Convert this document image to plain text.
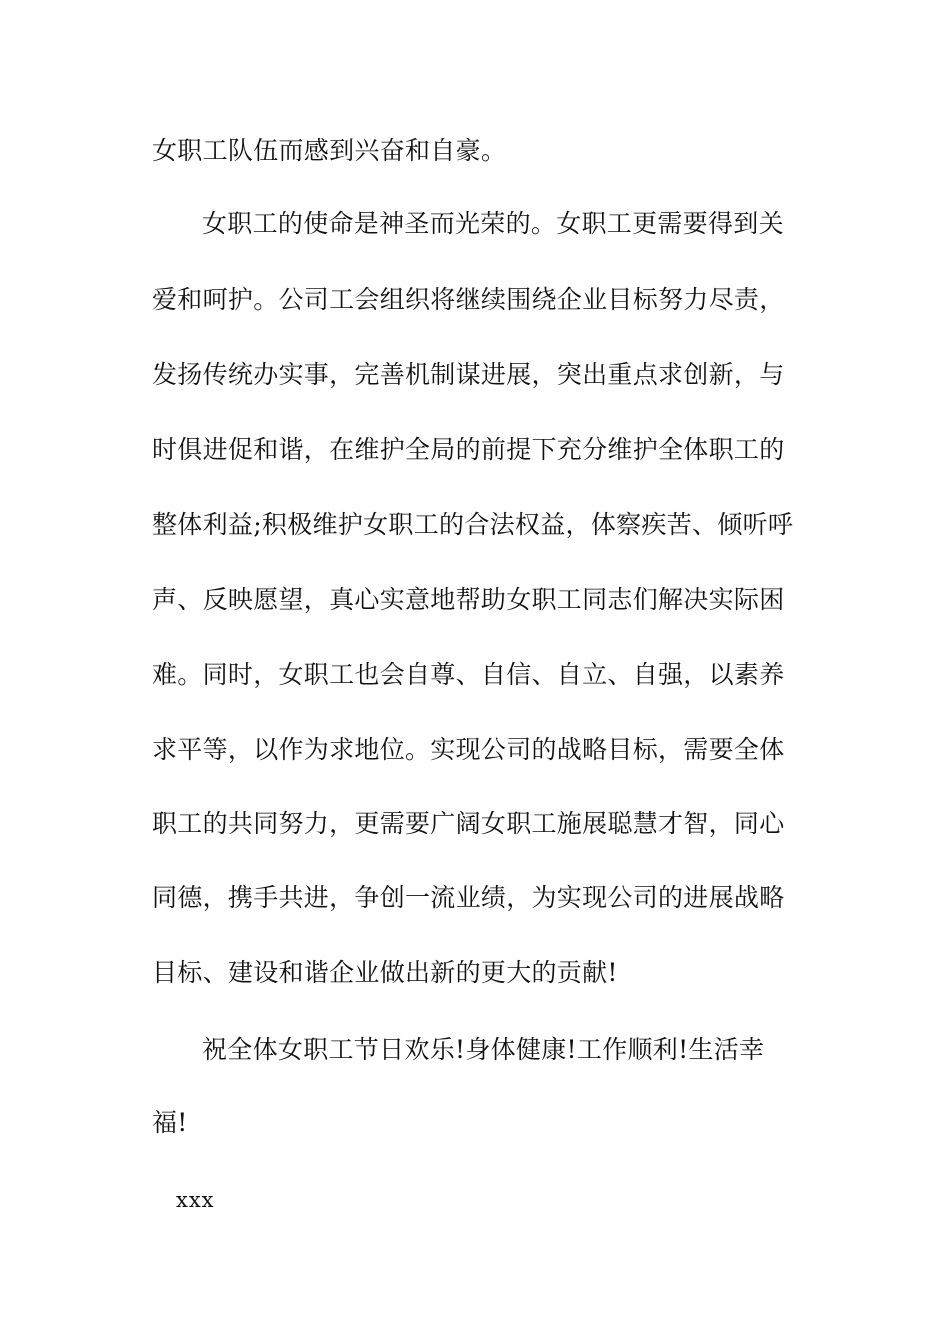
女职工队伍而感到兴奋和自豪。
女职工的使命是神圣而光荣的。女职工更需要得到关
爱和呵护。公司工会组织将继续围绕企业目标努力尽责，
发扬传统办实事，完善机制谋进展，突出重点求创新，与
时俱进促和谐，在维护全局的前提下充分维护全体职工的
整体利益;积极维护女职工的合法权益，体察疾苦、倾听呼
声、反映愿望，真心实意地帮助女职工同志们解决实际困
难。同时，女职工也会自尊、自信、自立、自强，以素养
求平等，以作为求地位。实现公司的战略目标，需要全体
职工的共同努力，更需要广阔女职工施展聪慧才智，同心
同德，携手共进，争创一流业绩，为实现公司的进展战略
目标、建设和谐企业做出新的更大的贡献!
祝全体女职工节日欢乐!身体健康!工作顺利!生活幸
福!
xxx
